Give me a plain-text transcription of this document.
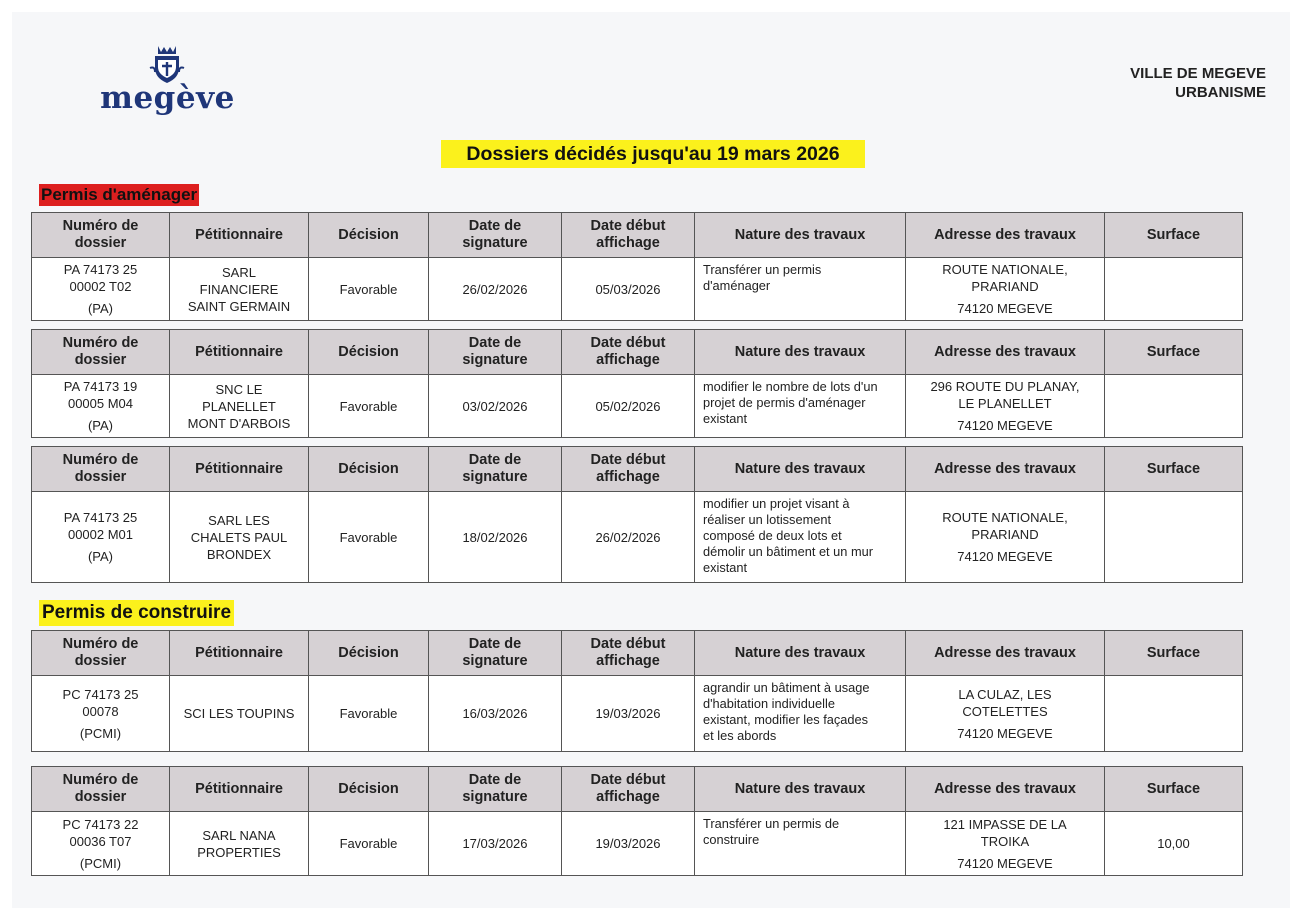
megève
VILLE DE MEGEVE
URBANISME
Dossiers décidés jusqu'au 19 mars 2026
Permis d'aménager
Permis de construire
Numéro de
dossier	Pétitionnaire	Décision	Date de
signature	Date début
affichage	Nature des travaux	Adresse des travaux	Surface

PA 74173 25
00002 T02
(PA)	SARL
FINANCIERE
SAINT GERMAIN	Favorable	26/02/2026	05/03/2026	Transférer un permis
d'aménager	ROUTE NATIONALE,
PRARIAND
74120 MEGEVE	

Numéro de
dossier	Pétitionnaire	Décision	Date de
signature	Date début
affichage	Nature des travaux	Adresse des travaux	Surface

PA 74173 19
00005 M04
(PA)	SNC LE
PLANELLET
MONT D'ARBOIS	Favorable	03/02/2026	05/02/2026	modifier le nombre de lots d'un
projet de permis d'aménager
existant	296 ROUTE DU PLANAY,
LE PLANELLET
74120 MEGEVE	

Numéro de
dossier	Pétitionnaire	Décision	Date de
signature	Date début
affichage	Nature des travaux	Adresse des travaux	Surface

PA 74173 25
00002 M01
(PA)	SARL LES
CHALETS PAUL
BRONDEX	Favorable	18/02/2026	26/02/2026	modifier un projet visant à
réaliser un lotissement
composé de deux lots et
démolir un bâtiment et un mur
existant	ROUTE NATIONALE,
PRARIAND
74120 MEGEVE	

Numéro de
dossier	Pétitionnaire	Décision	Date de
signature	Date début
affichage	Nature des travaux	Adresse des travaux	Surface

PC 74173 25
00078
(PCMI)	SCI LES TOUPINS	Favorable	16/03/2026	19/03/2026	agrandir un bâtiment à usage
d'habitation individuelle
existant, modifier les façades
et les abords	LA CULAZ, LES
COTELETTES
74120 MEGEVE	

Numéro de
dossier	Pétitionnaire	Décision	Date de
signature	Date début
affichage	Nature des travaux	Adresse des travaux	Surface

PC 74173 22
00036 T07
(PCMI)	SARL NANA
PROPERTIES	Favorable	17/03/2026	19/03/2026	Transférer un permis de
construire	121 IMPASSE DE LA
TROIKA
74120 MEGEVE	10,00
